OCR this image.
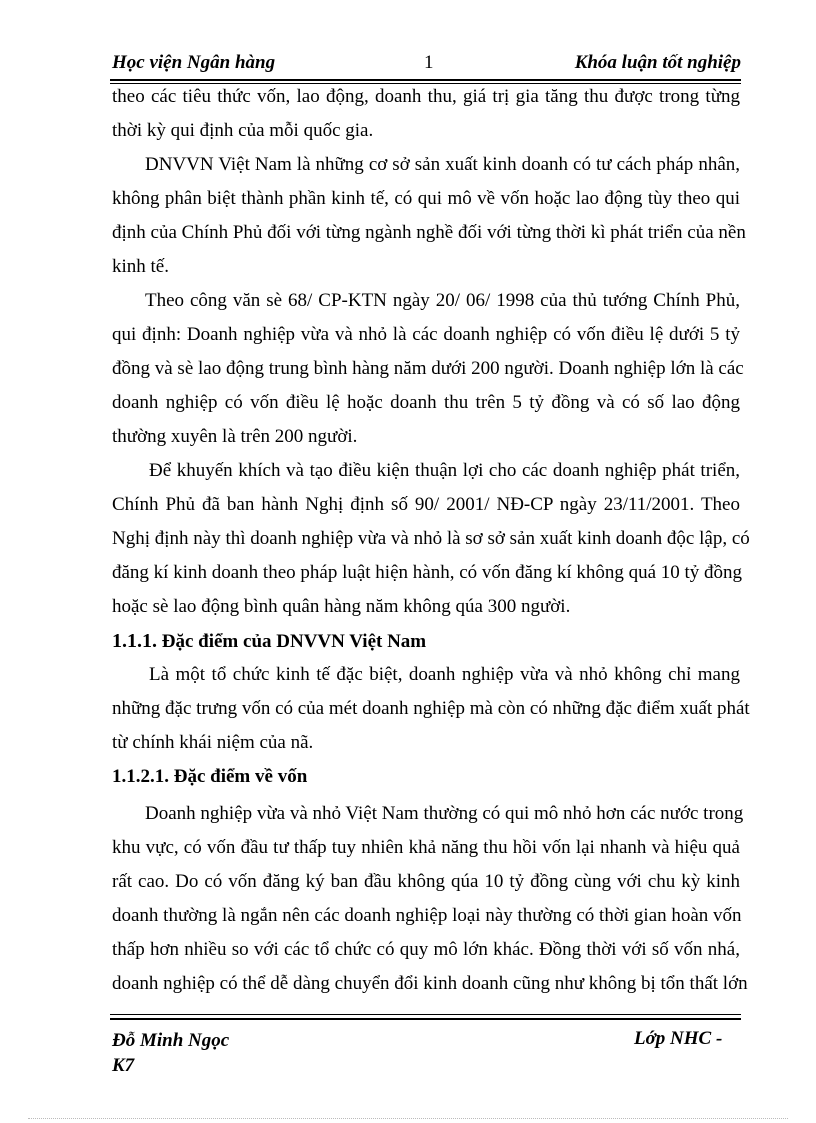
Học viện Ngân hàng	1	Khóa luận tốt nghiệp
theo các tiêu thức vốn, lao động, doanh thu, giá trị gia tăng thu được trong từng
thời kỳ qui định của mỗi quốc gia.
DNVVN Việt Nam là những cơ sở sản xuất kinh doanh có tư cách pháp nhân,
không phân biệt thành phần kinh tế, có qui mô về vốn hoặc lao động tùy theo qui
định của Chính Phủ đối với từng ngành nghề đối với từng thời kì phát triển của nền
kinh tế.
Theo công văn sè 68/ CP-KTN ngày 20/ 06/ 1998 của thủ tướng Chính Phủ,
qui định: Doanh nghiệp vừa và nhỏ là các doanh nghiệp có vốn điều lệ dưới 5 tỷ
đồng và sè lao động trung bình hàng năm dưới 200 người. Doanh nghiệp lớn là các
doanh nghiệp có vốn điều lệ hoặc doanh thu trên 5 tỷ đồng và có số lao động
thường xuyên là trên 200 người.
Để khuyến khích và tạo điều kiện thuận lợi cho các doanh nghiệp phát triển,
Chính Phủ đã ban hành Nghị định số 90/ 2001/ NĐ-CP ngày 23/11/2001. Theo
Nghị định này thì doanh nghiệp vừa và nhỏ là sơ sở sản xuất kinh doanh độc lập, có
đăng kí kinh doanh theo pháp luật hiện hành, có vốn đăng kí không quá 10 tỷ đồng
hoặc sè lao động bình quân hàng năm không qúa 300 người.
1.1.1. Đặc điểm của DNVVN Việt Nam
Là một tổ chức kinh tế đặc biệt, doanh nghiệp vừa và nhỏ không chỉ mang
những đặc trưng vốn có của mét doanh nghiệp mà còn có những đặc điểm xuất phát
từ chính khái niệm của nã.
1.1.2.1. Đặc điểm về vốn
Doanh nghiệp vừa và nhỏ Việt Nam thường có qui mô nhỏ hơn các nước trong
khu vực, có vốn đầu tư thấp tuy nhiên khả năng thu hồi vốn lại nhanh và hiệu quả
rất cao. Do có vốn đăng ký ban đầu không qúa 10 tỷ đồng cùng với chu kỳ kinh
doanh thường là ngắn nên các doanh nghiệp loại này thường có thời gian hoàn vốn
thấp hơn nhiều so với các tổ chức có quy mô lớn khác. Đồng thời với số vốn nhá,
doanh nghiệp có thể dễ dàng chuyển đổi kinh doanh cũng như không bị tổn thất lớn
Đỗ Minh Ngọc K7
Lớp NHC -
